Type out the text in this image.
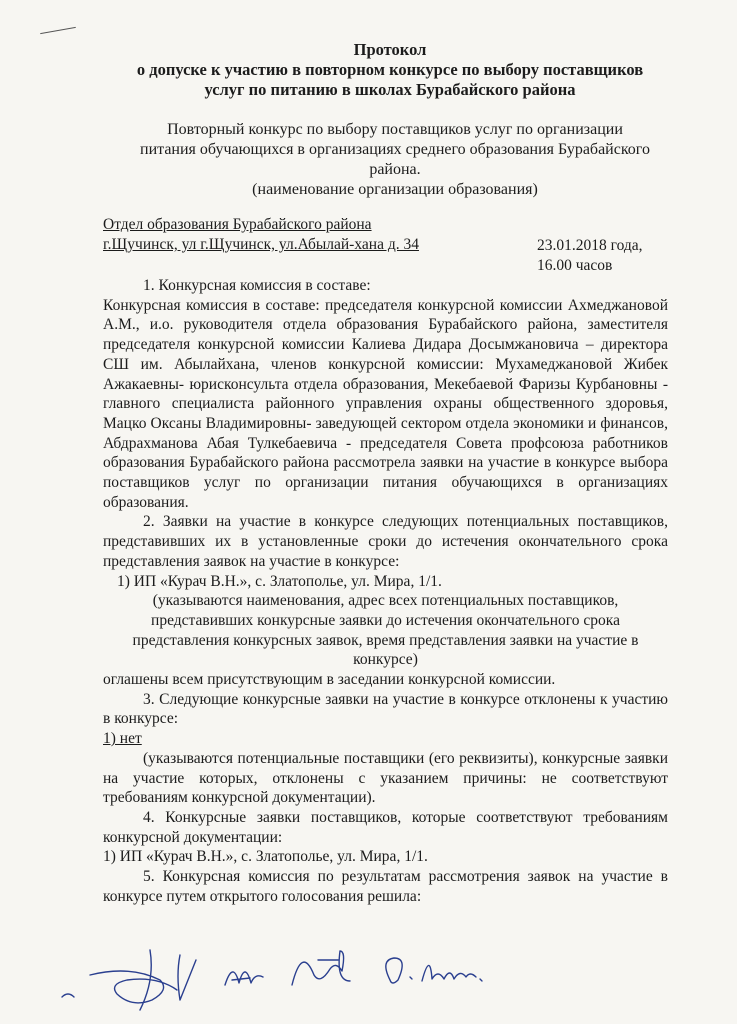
Протокол
о допуске к участию в повторном конкурсе по выбору поставщиков
услуг по питанию в школах Бурабайского района
Повторный конкурс по выбору поставщиков услуг по организации
питания обучающихся в организациях среднего образования Бурабайского
района.
(наименование организации образования)
Отдел образования Бурабайского района
г.Щучинск, ул г.Щучинск, ул.Абылай-хана д. 34	23.01.2018 года,
16.00 часов

1. Конкурсная комиссия в составе:

Конкурсная комиссия в составе: председателя конкурсной комиссии Ахмеджановой А.М., и.о. руководителя отдела образования Бурабайского района, заместителя председателя конкурсной комиссии Калиева Дидара Досымжановича – директора СШ им. Абылайхана, членов конкурсной комиссии: Мухамеджановой Жибек Ажакаевны- юрисконсульта отдела образования, Мекебаевой Фаризы Курбановны - главного специалиста районного управления охраны общественного здоровья, Мацко Оксаны Владимировны- заведующей сектором отдела экономики и финансов, Абдрахманова Абая Тулкебаевича - председателя Совета профсоюза работников образования Бурабайского района рассмотрела заявки на участие в конкурсе выбора поставщиков услуг по организации питания обучающихся в организациях образования.

2. Заявки на участие в конкурсе следующих потенциальных поставщиков, представивших их в установленные сроки до истечения окончательного срока представления заявок на участие в конкурсе:

1) ИП «Курач В.Н.», с. Златополье, ул. Мира, 1/1.

(указываются наименования, адрес всех потенциальных поставщиков, представивших конкурсные заявки до истечения окончательного срока представления конкурсных заявок, время представления заявки на участие в конкурсе)

оглашены всем присутствующим в заседании конкурсной комиссии.

3. Следующие конкурсные заявки на участие в конкурсе отклонены к участию в конкурсе:

1) нет

(указываются потенциальные поставщики (его реквизиты), конкурсные заявки на участие которых, отклонены с указанием причины: не соответствуют требованиям конкурсной документации).

4. Конкурсные заявки поставщиков, которые соответствуют требованиям конкурсной документации:

1) ИП «Курач В.Н.», с. Златополье, ул. Мира, 1/1.

5. Конкурсная комиссия по результатам рассмотрения заявок на участие в конкурсе путем открытого голосования решила:
